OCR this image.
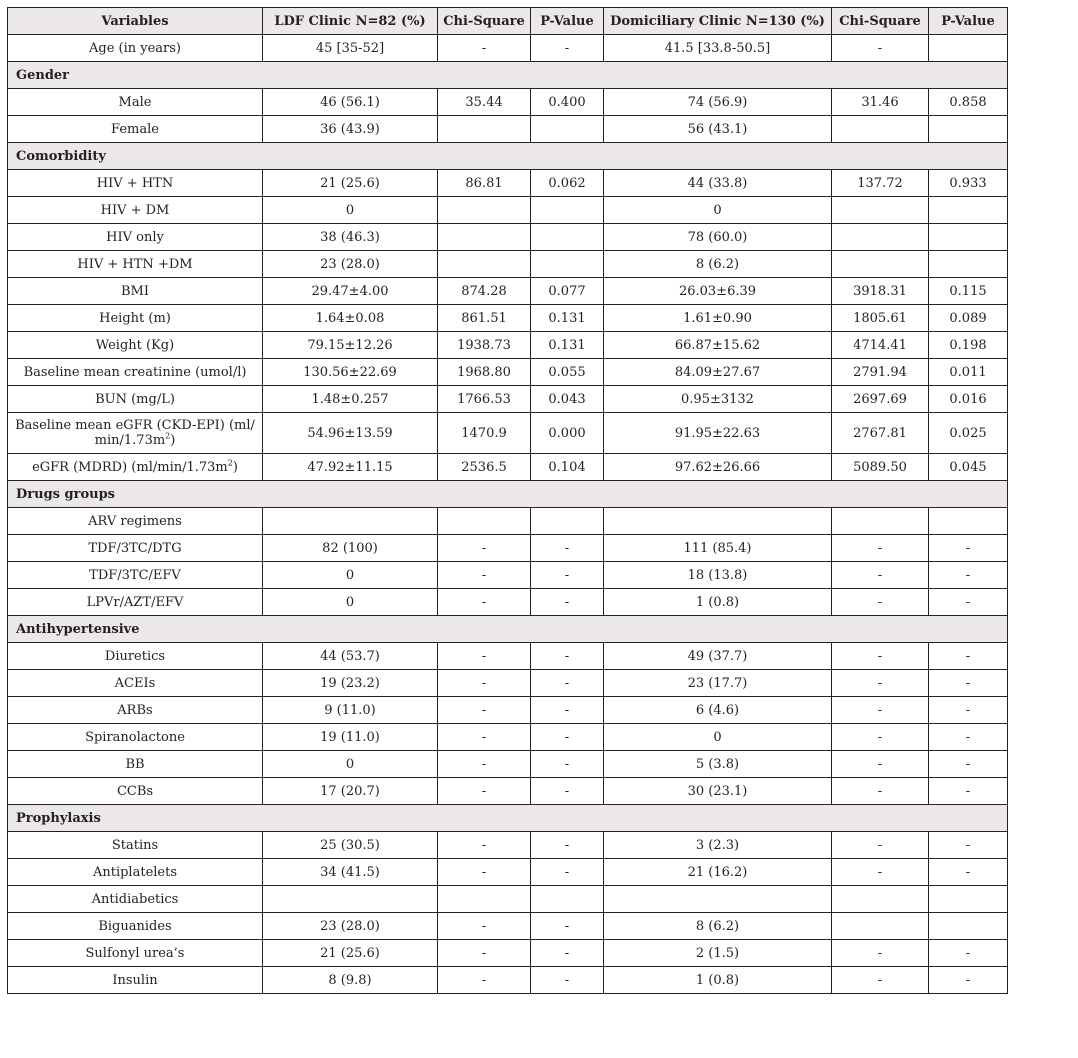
Variables	LDF Clinic N=82 (%)	Chi-Square	P-Value	Domiciliary Clinic N=130 (%)	Chi-Square	P-Value
Age (in years)	45 [35-52]	-	-	41.5 [33.8-50.5]	-	
Gender						
Male	46 (56.1)	35.44	0.400	74 (56.9)	31.46	0.858
Female	36 (43.9)			56 (43.1)		
Comorbidity						
HIV + HTN	21 (25.6)	86.81	0.062	44 (33.8)	137.72	0.933
HIV + DM	0			0		
HIV only	38 (46.3)			78 (60.0)		
HIV + HTN +DM	23 (28.0)			8 (6.2)		
BMI	29.47±4.00	874.28	0.077	26.03±6.39	3918.31	0.115
Height (m)	1.64±0.08	861.51	0.131	1.61±0.90	1805.61	0.089
Weight (Kg)	79.15±12.26	1938.73	0.131	66.87±15.62	4714.41	0.198
Baseline mean creatinine (umol/l)	130.56±22.69	1968.80	0.055	84.09±27.67	2791.94	0.011
BUN (mg/L)	1.48±0.257	1766.53	0.043	0.95±3132	2697.69	0.016
Baseline mean eGFR (CKD-EPI) (ml/ $\min/1.73m^2$)	54.96±13.59	1470.9	0.000	91.95±22.63	2767.81	0.025
eGFR (MDRD) $(ml/\min/1.73m^2)$	47.92±11.15	2536.5	0.104	97.62±26.66	5089.50	0.045
Drugs groups						
ARV regimens						
TDF/3TC/DTG	82 (100)	-	-	111 (85.4)	-	-
TDF/3TC/EFV	0	-	-	18 (13.8)	-	-
LPVr/AZT/EFV	0	-	-	1 (0.8)	-	-
Antihypertensive						
Diuretics	44 (53.7)	-	-	49 (37.7)	-	-
ACEIs	19 (23.2)	-	-	23 (17.7)	-	-
ARBs	9 (11.0)	-	-	6 (4.6)	-	-
Spiranolactone	19 (11.0)	-	-	0	-	-
BB	0	-	-	5 (3.8)	-	-
CCBs	17 (20.7)	-	-	30 (23.1)	-	-
Prophylaxis						
Statins	25 (30.5)	-	-	3 (2.3)	-	-
Antiplatelets	34 (41.5)	-	-	21 (16.2)	-	-
Antidiabetics						
Biguanides	23 (28.0)	-	-	8 (6.2)		
Sulfonyl urea’s	21 (25.6)	-	-	2 (1.5)	-	-
Insulin	8 (9.8)	-	-	1 (0.8)	-	-
